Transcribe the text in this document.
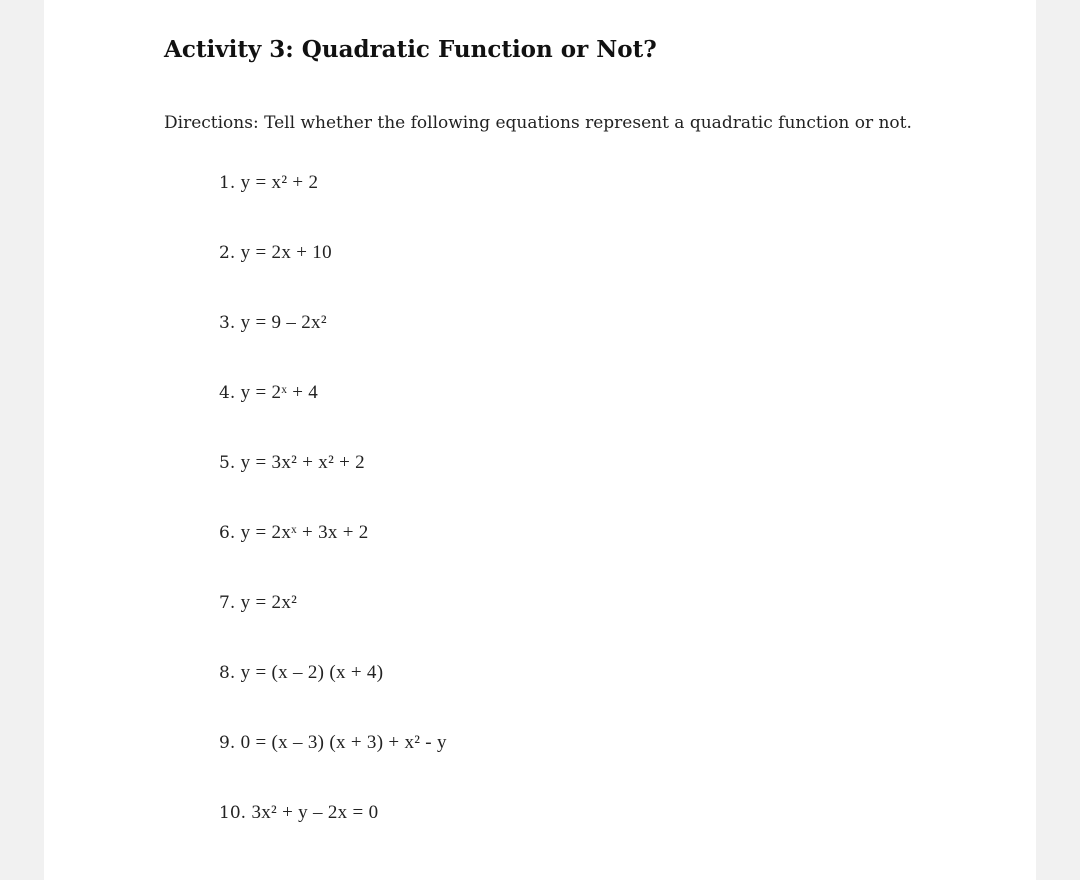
Activity 3: Quadratic Function or Not?

Directions: Tell whether the following equations represent a quadratic function or not.

1. y = x² + 2
2. y = 2x + 10
3. y = 9 – 2x²
4. y = 2ˣ + 4
5. y = 3x² + x² + 2
6. y = 2xˣ + 3x + 2
7. y = 2x²
8. y = (x – 2) (x + 4)
9. 0 = (x – 3) (x + 3) + x² - y
10. 3x² + y – 2x = 0
